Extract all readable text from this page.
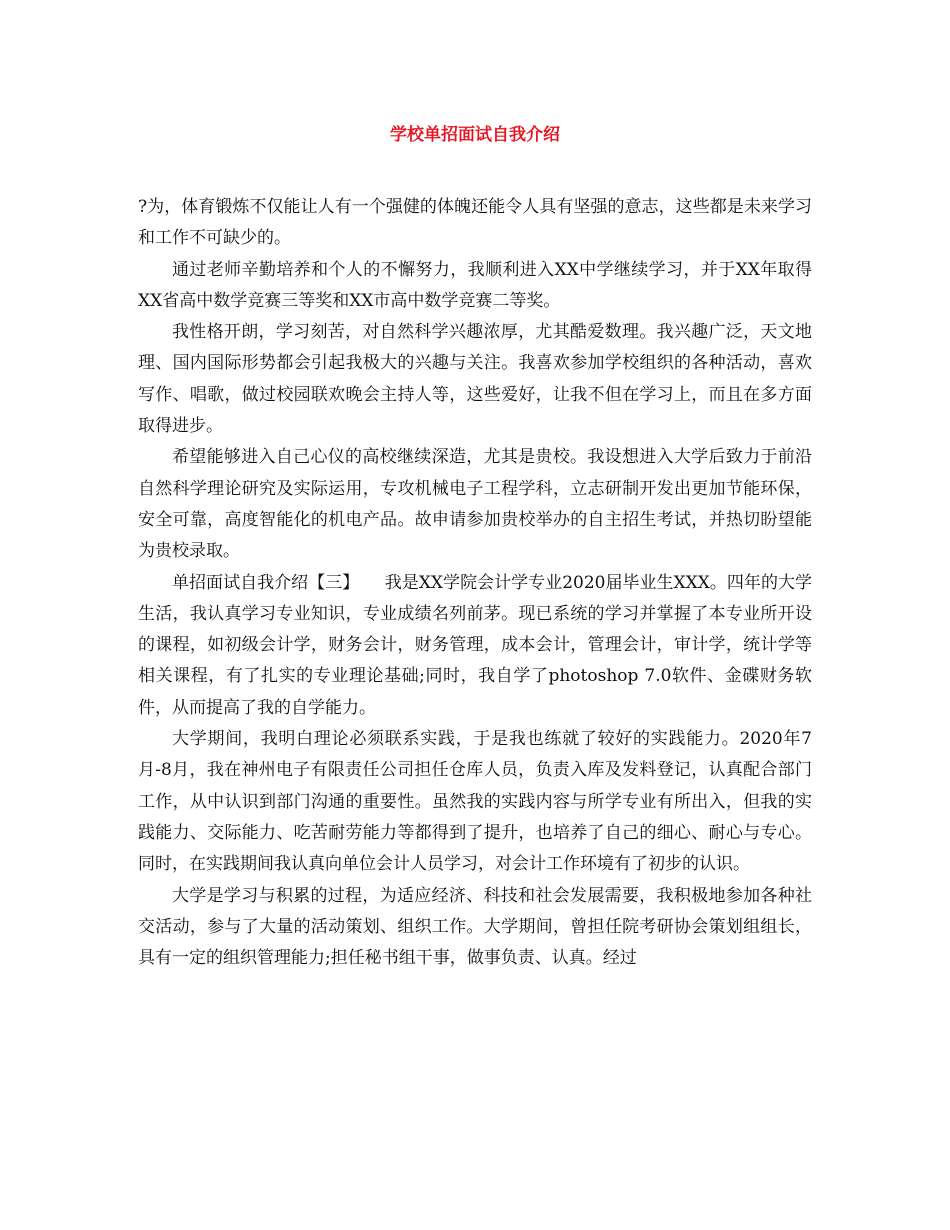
学校单招面试自我介绍

?为，体育锻炼不仅能让人有一个强健的体魄还能令人具有坚强的意志，这些都是未来学习和工作不可缺少的。

通过老师辛勤培养和个人的不懈努力，我顺利进入XX中学继续学习，并于XX年取得XX省高中数学竞赛三等奖和XX市高中数学竞赛二等奖。

我性格开朗，学习刻苦，对自然科学兴趣浓厚，尤其酷爱数理。我兴趣广泛，天文地理、国内国际形势都会引起我极大的兴趣与关注。我喜欢参加学校组织的各种活动，喜欢写作、唱歌，做过校园联欢晚会主持人等，这些爱好，让我不但在学习上，而且在多方面取得进步。

希望能够进入自己心仪的高校继续深造，尤其是贵校。我设想进入大学后致力于前沿自然科学理论研究及实际运用，专攻机械电子工程学科，立志研制开发出更加节能环保，安全可靠，高度智能化的机电产品。故申请参加贵校举办的自主招生考试，并热切盼望能为贵校录取。

单招面试自我介绍【三】　　我是XX学院会计学专业2020届毕业生XXX。四年的大学生活，我认真学习专业知识，专业成绩名列前茅。现已系统的学习并掌握了本专业所开设的课程，如初级会计学，财务会计，财务管理，成本会计，管理会计，审计学，统计学等相关课程，有了扎实的专业理论基础;同时，我自学了photoshop 7.0软件、金碟财务软件，从而提高了我的自学能力。

大学期间，我明白理论必须联系实践，于是我也练就了较好的实践能力。2020年7月-8月，我在神州电子有限责任公司担任仓库人员，负责入库及发料登记，认真配合部门工作，从中认识到部门沟通的重要性。虽然我的实践内容与所学专业有所出入，但我的实践能力、交际能力、吃苦耐劳能力等都得到了提升，也培养了自己的细心、耐心与专心。同时，在实践期间我认真向单位会计人员学习，对会计工作环境有了初步的认识。

大学是学习与积累的过程，为适应经济、科技和社会发展需要，我积极地参加各种社交活动，参与了大量的活动策划、组织工作。大学期间，曾担任院考研协会策划组组长，具有一定的组织管理能力;担任秘书组干事，做事负责、认真。经过
